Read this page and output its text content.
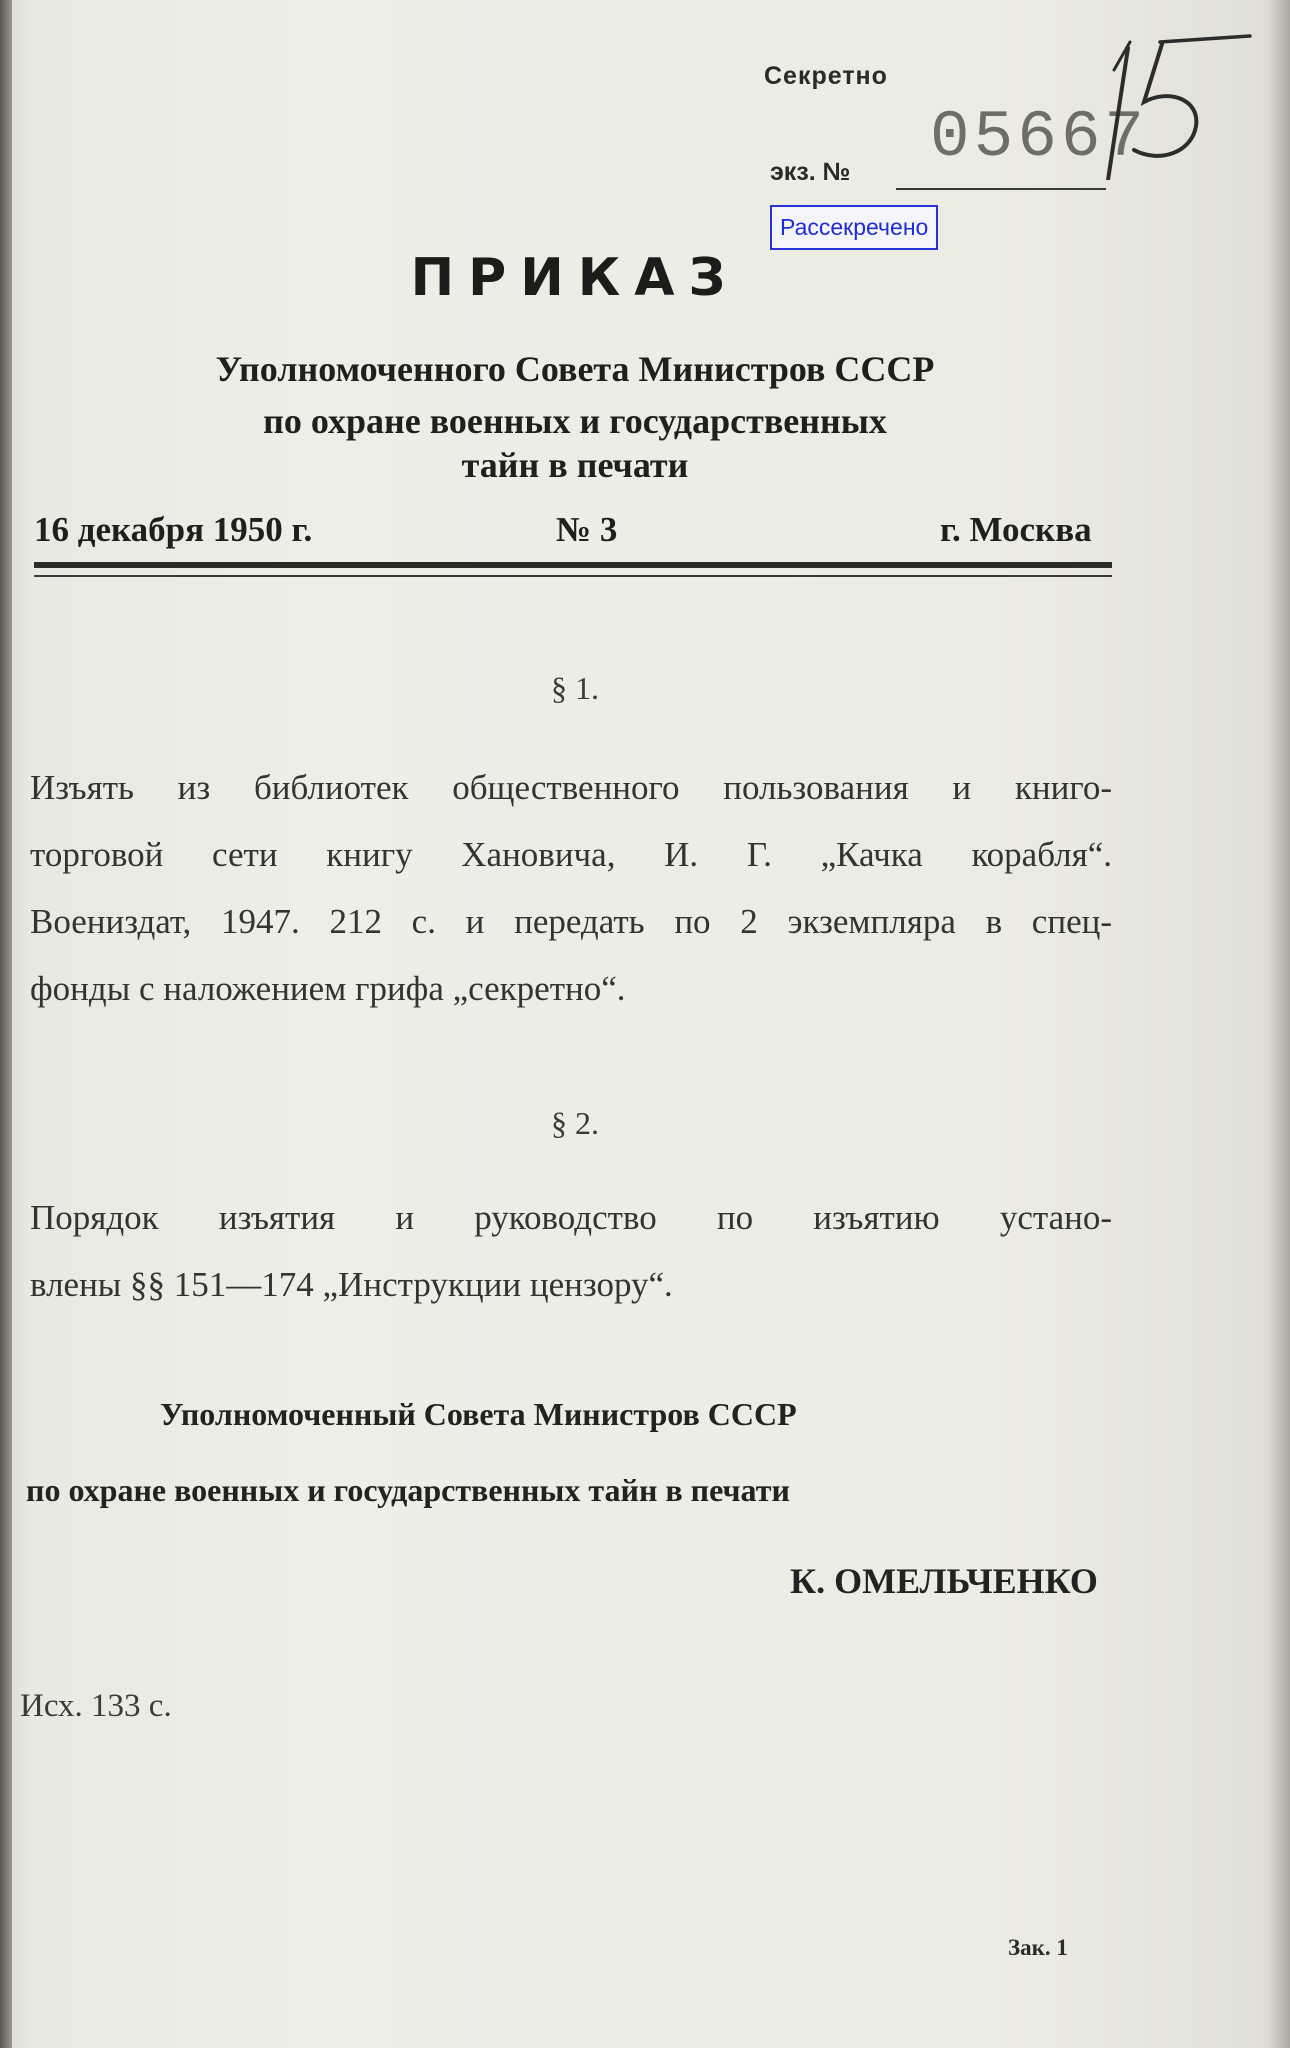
Секретно
экз. № 05667
Рассекречено
ПРИКАЗ
Уполномоченного Совета Министров СССР
по охране военных и государственных
тайн в печати
16 декабря 1950 г.	№ 3	г. Москва
§ 1.
Изъять из библиотек общественного пользования и книго-
торговой сети книгу Хановича, И. Г. „Качка корабля“.
Воениздат, 1947. 212 с. и передать по 2 экземпляра в спец-
фонды с наложением грифа „секретно“.
§ 2.
Порядок изъятия и руководство по изъятию устано-
влены §§ 151—174 „Инструкции цензору“.
Уполномоченный Совета Министров СССР
по охране военных и государственных тайн в печати
К. ОМЕЛЬЧЕНКО
Исх. 133 с.
Зак. 1
